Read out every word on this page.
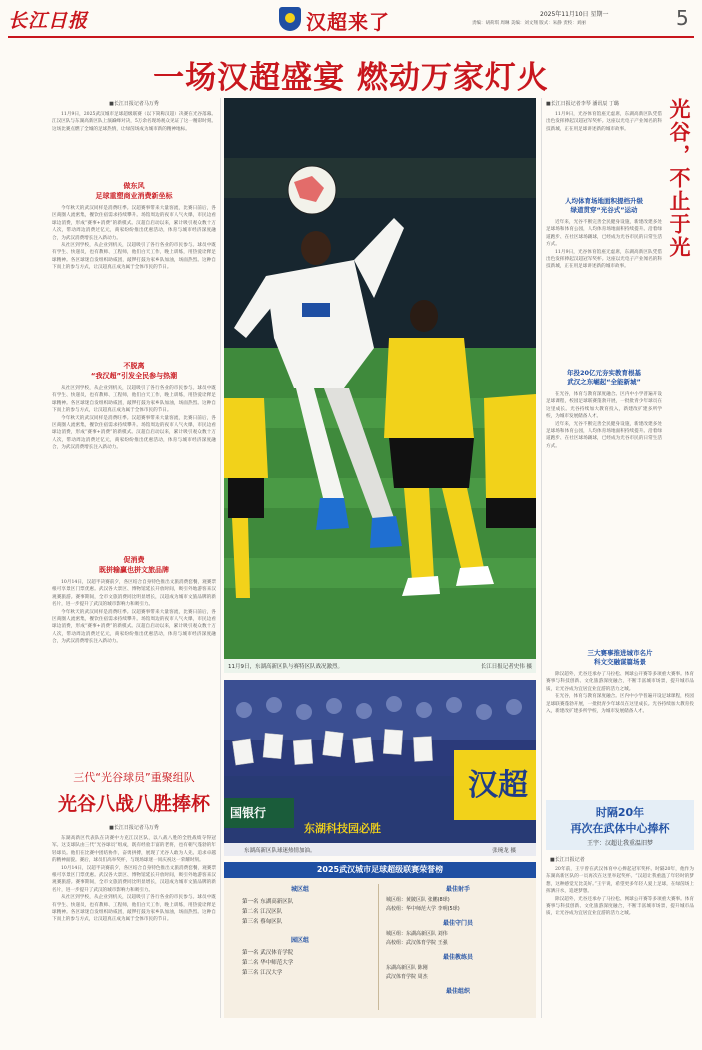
长江日报	汉超来了	2025年11月10日 星期一
责编：胡荷琪 周琳 美编：刘文翔 版式：朱静 责校：刘丽	5
一场汉超盛宴 燃动万家灯火
■长江日报记者马万秀

11月9日，2025武汉城市足球超级联赛（以下简称汉超）决赛在光谷落幕。江汉区队与东湖高新区队上演巅峰对决，5万余名现场观众见证了这一精彩时刻。这场比赛点燃了全城的足球热情，让绿茵场成为城市新的精神地标。

做东风
足球重塑商业消费新坐标

今年秋天的武汉同样是消费旺季。汉超赛事带来大量客流，比赛日前后，各区商圈人流密集，餐饮住宿需求持续攀升。场馆周边的夜市人气火爆，市民边看球边消费，形成“赛事+消费”的新模式。汉超自启动以来，累计吸引观众数十万人次，带动周边消费过亿元，商家纷纷推出优惠活动，体育与城市经济深度融合，为武汉消费增长注入新动力。

从社区到学校，从企业到机关，汉超吸引了各行各业的市民参与。球员中既有学生、快递员，也有教师、工程师，他们白天工作，晚上训练，用热爱诠释足球精神。各区球迷自发组织助威团，敲锣打鼓为家乡队加油，场面热烈。这种自下而上的参与方式，让汉超真正成为属于全体市民的节日。

不脱离
“我汉超”引发全民参与热潮

从社区到学校，从企业到机关，汉超吸引了各行各业的市民参与。球员中既有学生、快递员，也有教师、工程师，他们白天工作，晚上训练，用热爱诠释足球精神。各区球迷自发组织助威团，敲锣打鼓为家乡队加油，场面热烈。这种自下而上的参与方式，让汉超真正成为属于全体市民的节日。

今年秋天的武汉同样是消费旺季。汉超赛事带来大量客流，比赛日前后，各区商圈人流密集，餐饮住宿需求持续攀升。场馆周边的夜市人气火爆，市民边看球边消费，形成“赛事+消费”的新模式。汉超自启动以来，累计吸引观众数十万人次，带动周边消费过亿元，商家纷纷推出优惠活动，体育与城市经济深度融合，为武汉消费增长注入新动力。

促消费
既拼输赢也拼文旅品牌

10月14日，汉超半决赛前夕，各区结合自身特色推出文旅消费套餐，观赛票根可享景区门票优惠。武汉各大景区、博物馆延长开放时间，吸引外地游客来汉观赛旅游。赛事期间，全市文旅消费同比明显增长，汉超成为城市文旅品牌的新名片，进一步提升了武汉的城市影响力和吸引力。

今年秋天的武汉同样是消费旺季。汉超赛事带来大量客流，比赛日前后，各区商圈人流密集，餐饮住宿需求持续攀升。场馆周边的夜市人气火爆，市民边看球边消费，形成“赛事+消费”的新模式。汉超自启动以来，累计吸引观众数十万人次，带动周边消费过亿元，商家纷纷推出优惠活动，体育与城市经济深度融合，为武汉消费增长注入新动力。

三代“光谷球员”重聚组队
光谷八战八胜捧杯
■长江日报记者马万秀

东湖高新区代表队在决赛中力克江汉区队，以八战八胜的全胜战绩夺得冠军。这支球队由三代“光谷球员”组成，既有经验丰富的老将，也有朝气蓬勃的年轻球员。他们在比赛中团结协作，奋勇拼搏，展现了光谷人敢为人先、追求卓越的精神面貌。赛后，球员们高举奖杯，与现场球迷一同庆祝这一荣耀时刻。

10月14日，汉超半决赛前夕，各区结合自身特色推出文旅消费套餐，观赛票根可享景区门票优惠。武汉各大景区、博物馆延长开放时间，吸引外地游客来汉观赛旅游。赛事期间，全市文旅消费同比明显增长，汉超成为城市文旅品牌的新名片，进一步提升了武汉的城市影响力和吸引力。

从社区到学校，从企业到机关，汉超吸引了各行各业的市民参与。球员中既有学生、快递员，也有教师、工程师，他们白天工作，晚上训练，用热爱诠释足球精神。各区球迷自发组织助威团，敲锣打鼓为家乡队加油，场面热烈。这种自下而上的参与方式，让汉超真正成为属于全体市民的节日。

11月9日，东湖高新区队与赛特区队战况激烈。	长江日报记者史伟 摄
汉超
国银行
东湖科技园必胜
东湖高新区队球迷热情加油。	张琬龙 摄
2025武汉城市足球超级联赛荣誉榜
城区组
第一名 东湖高新区队
第二名 江汉区队
第三名 蔡甸区队
园区组
第一名 武汉体育学院
第二名 华中师范大学
第三名 江汉大学
最佳射手
城区组：黄陂区队 张鹏(8球)
高校组：华中师范大学 李明(5球)
最佳守门员
城区组：东湖高新区队 刘伟
高校组：武汉体育学院 王强
最佳教练员
东湖高新区队 陈刚
武汉体育学院 周杰
最佳组织
■长江日报记者李琴 潘讯辰 丁璐

11月9日，光谷体育馆座无虚席，东湖高新区队凭借出色发挥捧起汉超冠军奖杯。这座以光电子产业闻名的科技新城，正在用足球讲述新的城市故事。

人均体育场地面积提档升级
绿道贯穿“光谷式”运动

近年来，光谷不断完善全民健身设施，新建改建多处足球场和体育公园，人均体育场地面积持续提升。沿着绿道跑步、在社区球场踢球，已经成为光谷市民的日常生活方式。

11月9日，光谷体育馆座无虚席，东湖高新区队凭借出色发挥捧起汉超冠军奖杯。这座以光电子产业闻名的科技新城，正在用足球讲述新的城市故事。

年投20亿元夯实教育根基
武汉之东崛起“全能新城”

在光谷，体育与教育深度融合。区内中小学普遍开设足球课程，校园足球联赛蓬勃开展，一批批青少年球员在这里成长。光谷持续加大教育投入，新建改扩建多所学校，为城市发展储备人才。

近年来，光谷不断完善全民健身设施，新建改建多处足球场和体育公园，人均体育场地面积持续提升。沿着绿道跑步、在社区球场踢球，已经成为光谷市民的日常生活方式。

光谷，不止于光
三大赛事推进城市名片
科文交融谋篇场景

除汉超外，光谷还承办了马拉松、网球公开赛等多项重大赛事。体育赛事与科技创新、文化旅游深度融合，不断丰富城市场景，提升城市品质，让光谷成为宜居宜业宜游的活力之城。

在光谷，体育与教育深度融合。区内中小学普遍开设足球课程，校园足球联赛蓬勃开展，一批批青少年球员在这里成长。光谷持续加大教育投入，新建改扩建多所学校，为城市发展储备人才。

时隔20年
再次在武体中心捧杯
王宇：汉超让我重温旧梦
■长江日报记者

20年前，王宇曾在武汉体育中心捧起冠军奖杯。时隔20年，他作为东湖高新区队的一员再次在这里举起奖杯。“汉超让我重温了年轻时的梦想，这种感觉无比美好。”王宇说，希望更多年轻人爱上足球，在绿茵场上挥洒汗水，追逐梦想。

除汉超外，光谷还承办了马拉松、网球公开赛等多项重大赛事。体育赛事与科技创新、文化旅游深度融合，不断丰富城市场景，提升城市品质，让光谷成为宜居宜业宜游的活力之城。
